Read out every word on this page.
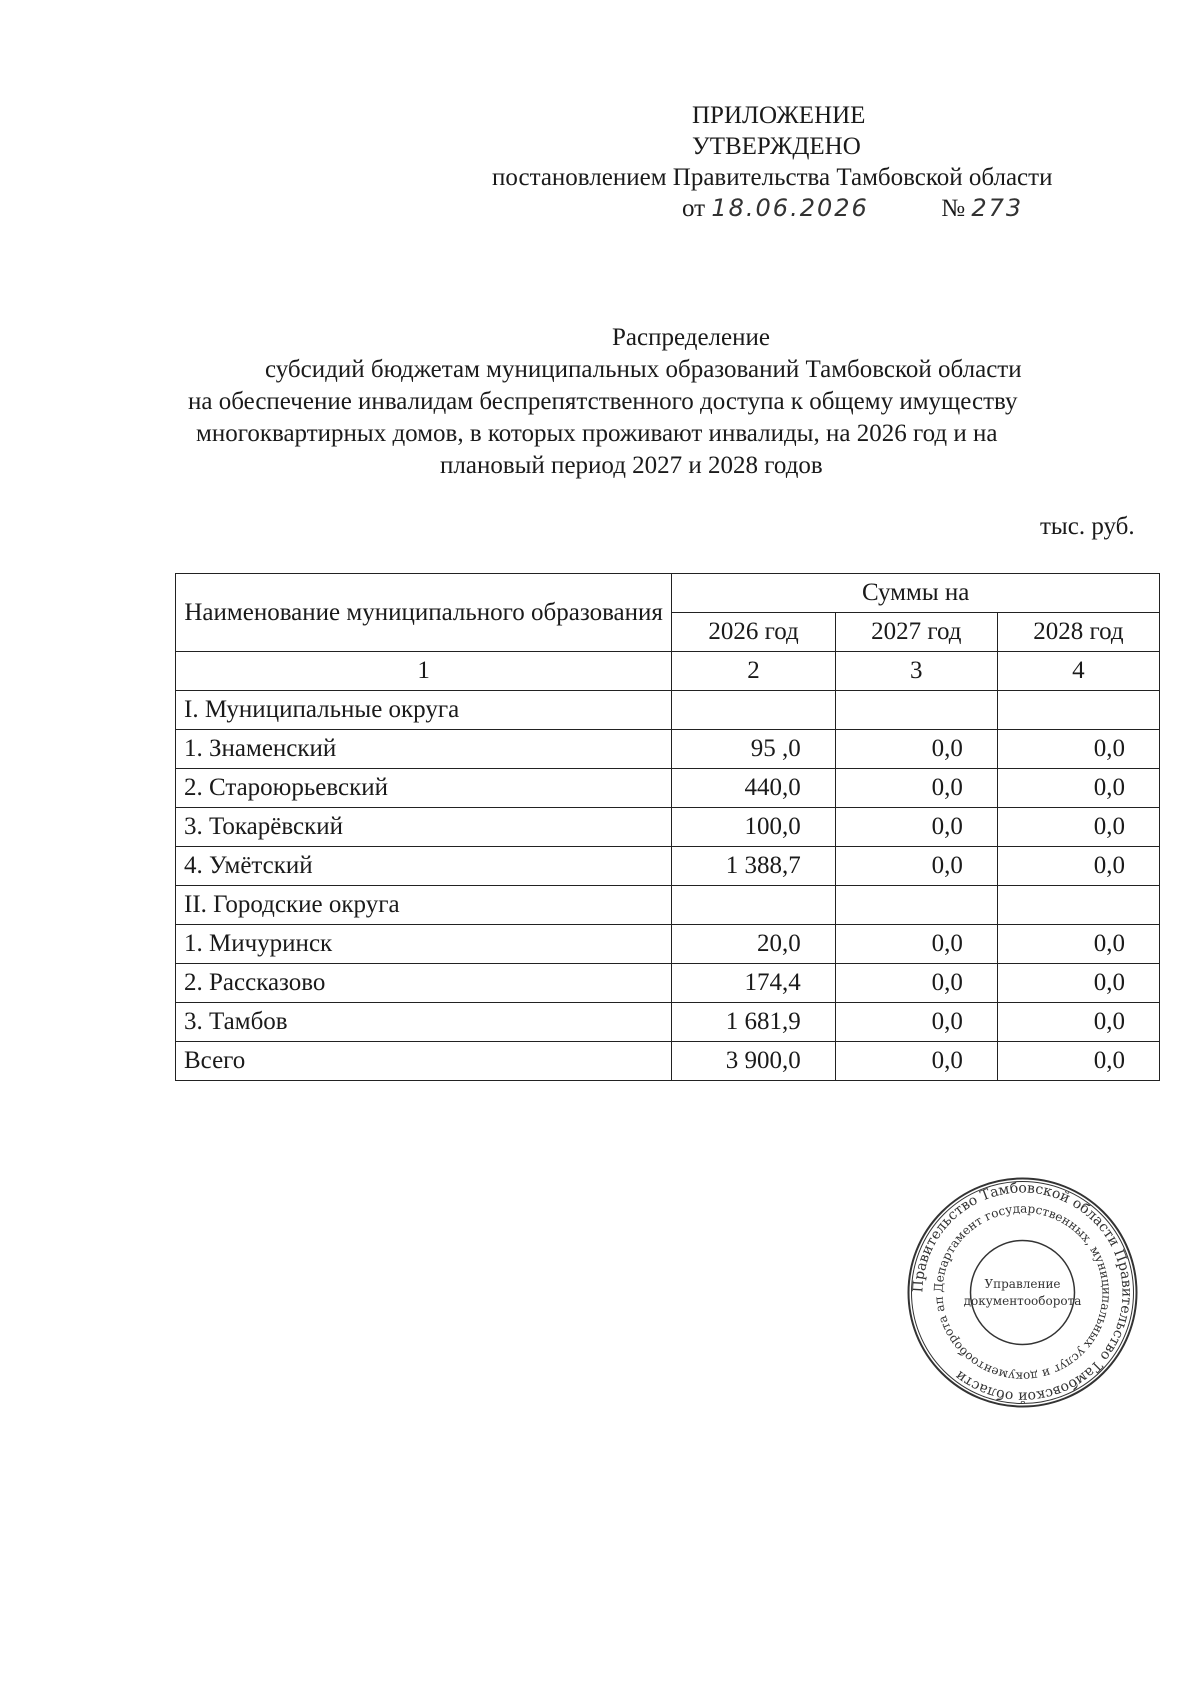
ПРИЛОЖЕНИЕ
УТВЕРЖДЕНО
постановлением Правительства Тамбовской области
от 18.06.2026	№ 273
Распределение
субсидий бюджетам муниципальных образований Тамбовской области
на обеспечение инвалидам беспрепятственного доступа к общему имуществу
многоквартирных домов, в которых проживают инвалиды, на 2026 год и на
плановый период 2027 и 2028 годов
тыс. руб.
Наименование муниципального образования	Суммы на		
	2026 год	2027 год	2028 год
1	2	3	4
I. Муниципальные округа			
1. Знаменский	95 ,0	0,0	0,0
2. Староюрьевский	440,0	0,0	0,0
3. Токарёвский	100,0	0,0	0,0
4. Умётский	1 388,7	0,0	0,0
II. Городские округа			
1. Мичуринск	20,0	0,0	0,0
2. Рассказово	174,4	0,0	0,0
3. Тамбов	1 681,9	0,0	0,0
Всего	3 900,0	0,0	0,0
Правительство Тамбовской области Правительство Тамбовской области
Департамент государственных, муниципальных услуг и документооборота ап
Управление
документооборота
